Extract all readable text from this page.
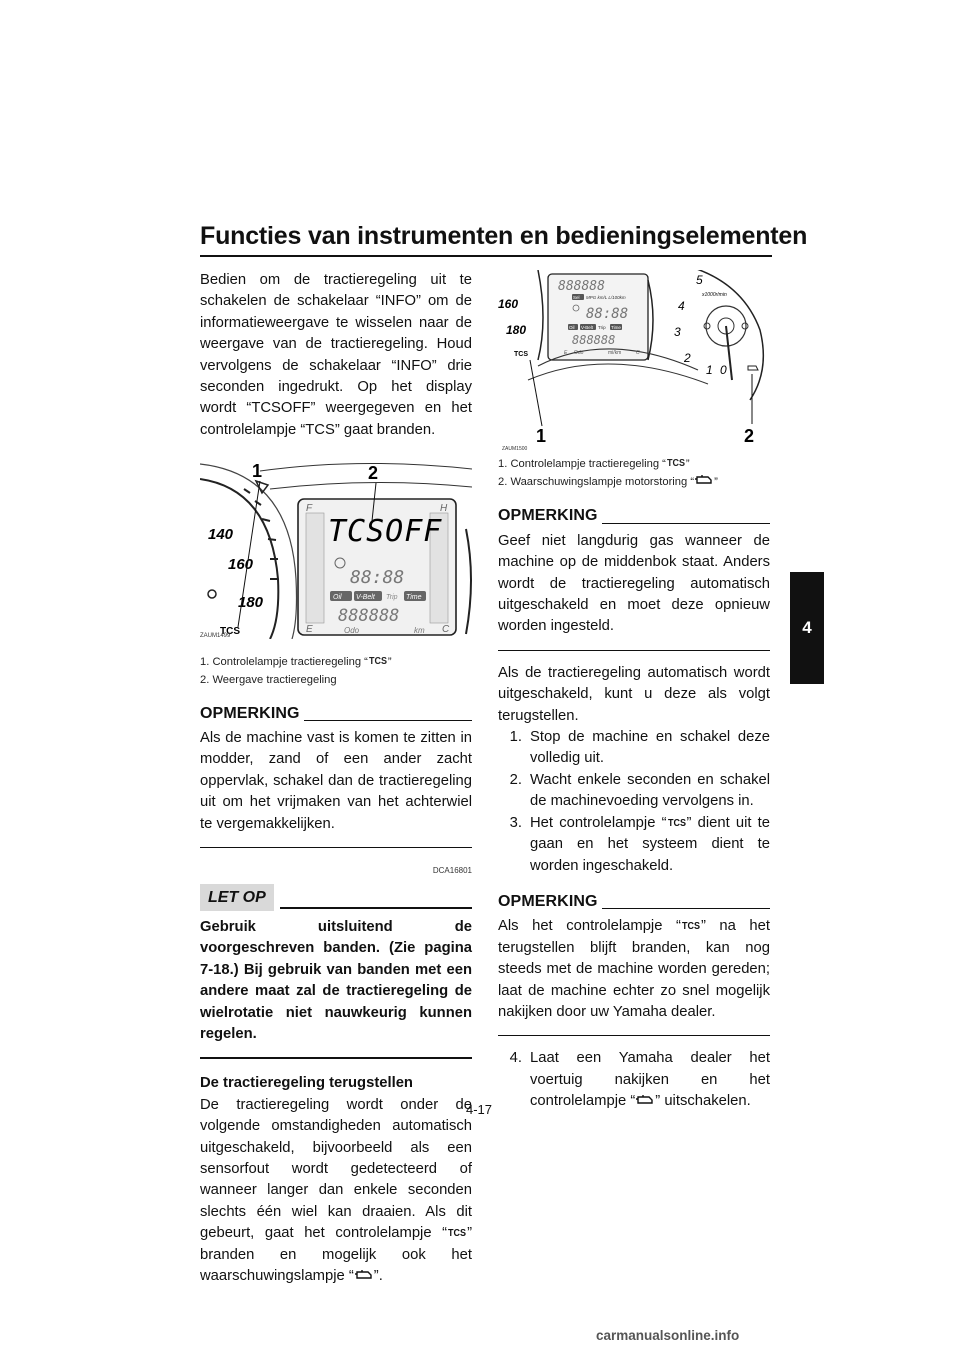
Functies van instrumenten en bedieningselementen
4

Bedien om de tractieregeling uit te schakelen de schakelaar “INFO” om de informatieweergave te wisselen naar de weergave van de tractieregeling. Houd vervolgens de schakelaar “INFO” drie seconden ingedrukt. Op het display wordt “TCSOFF” weergegeven en het controlelampje “TCS” gaat branden.

140
160
180
TCS
F
E
H
C
TCSOFF
88:88
Oil V-Belt Trip Time
888888
Odo	km
1	2
ZAUM1499
1. Controlelampje tractieregeling “TCS”
2. Weergave tractieregeling
OPMERKING

Als de machine vast is komen te zitten in modder, zand of een ander zacht oppervlak, schakel dan de tractieregeling uit om het vrijmaken van het achterwiel te vergemakkelijken.

DCA16801
LET OP

Gebruik uitsluitend de voorgeschreven banden. (Zie pagina 7-18.) Bij gebruik van banden met een andere maat zal de tractieregeling de wielrotatie niet nauwkeurig kunnen regelen.

De tractieregeling terugstellen

De tractieregeling wordt onder de volgende omstandigheden automatisch uitgeschakeld, bijvoorbeeld als een sensorfout wordt gedetecteerd of wanneer langer dan enkele seconden slechts één wiel kan draaien. Als dit gebeurt, gaat het controlelampje “TCS” branden en mogelijk ook het waarschuwingslampje “ ”.

160
180
TCS
888888
Sel MPG km/L L/100km
88:88
Oil V-Belt Trip Time
888888
E Odo	mi/km	C
x1000r/min
5
4
3
2
1 0
1	2
ZAUM1500
1. Controlelampje tractieregeling “TCS”
2. Waarschuwingslampje motorstoring “ ”
OPMERKING

Geef niet langdurig gas wanneer de machine op de middenbok staat. Anders wordt de tractieregeling automatisch uitgeschakeld en moet deze opnieuw worden ingesteld.

Als de tractieregeling automatisch wordt uitgeschakeld, kunt u deze als volgt terugstellen.

1. Stop de machine en schakel deze volledig uit.
2. Wacht enkele seconden en schakel de machinevoeding vervolgens in.
3. Het controlelampje “TCS” dient uit te gaan en het systeem dient te worden ingeschakeld.
OPMERKING

Als het controlelampje “TCS” na het terugstellen blijft branden, kan nog steeds met de machine worden gereden; laat de machine echter zo snel mogelijk nakijken door uw Yamaha dealer.

4. Laat een Yamaha dealer het voertuig nakijken en het controlelampje “ ” uitschakelen.
4-17
carmanualsonline.info
